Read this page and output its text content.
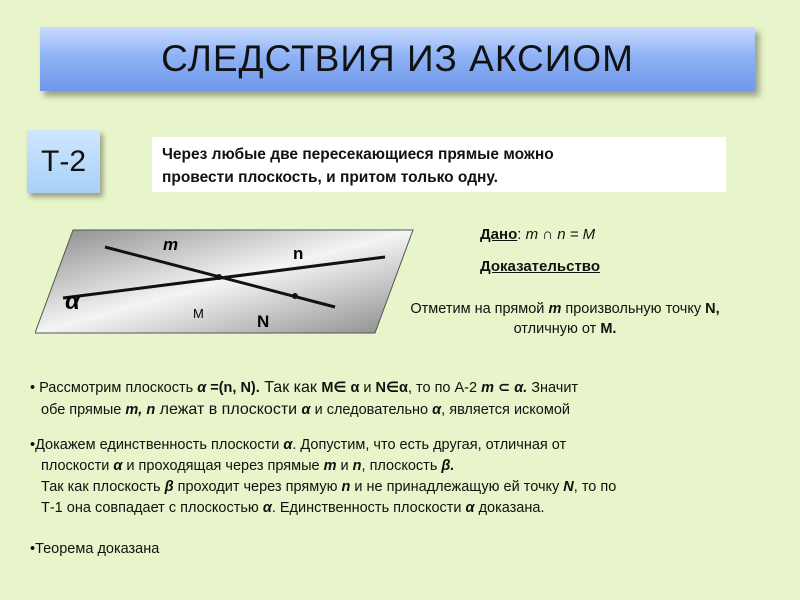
СЛЕДСТВИЯ ИЗ АКСИОМ
Т-2	Через любые две пересекающиеся прямые можно
провести плоскость, и притом только одну.
m	n
α	M	N
Дано: m ∩ n = M
Доказательство
Отметим на прямой m произвольную точку N,
отличную от М.
• Рассмотрим плоскость α =(n, N). Так как M∈ α и N∈α, то по А-2 m ⊂ α. Значит
обе прямые m, n лежат в плоскости α и следовательно α, является искомой
•Докажем единственность плоскости α. Допустим, что есть другая, отличная от
плоскости α и проходящая через прямые m и n, плоскость β.
Так как плоскость β проходит через прямую n и не принадлежащую ей точку N, то по
Т-1 она совпадает с плоскостью α. Единственность плоскости α доказана.
•Теорема доказана
